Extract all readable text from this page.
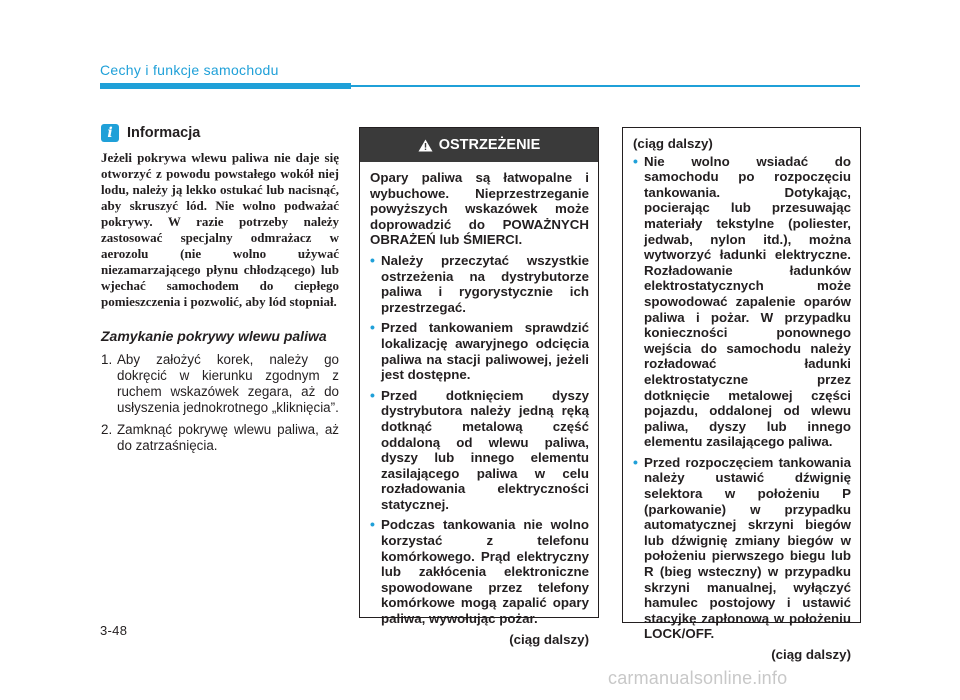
Cechy i funkcje samochodu
i Informacja

Jeżeli pokrywa wlewu paliwa nie daje się otworzyć z powodu powstałego wokół niej lodu, należy ją lekko ostukać lub nacisnąć, aby skruszyć lód. Nie wolno podważać pokrywy. W razie potrzeby należy zastosować specjalny odmrażacz w aerozolu (nie wolno używać niezamarzającego płynu chłodzącego) lub wjechać samochodem do ciepłego pomieszczenia i pozwolić, aby lód stopniał.

Zamykanie pokrywy wlewu paliwa
1. Aby założyć korek, należy go dokręcić w kierunku zgodnym z ruchem wskazówek zegara, aż do usłyszenia jednokrotnego „kliknięcia”.
2. Zamknąć pokrywę wlewu paliwa, aż do zatrzaśnięcia.
OSTRZEŻENIE

Opary paliwa są łatwopalne i wybuchowe. Nieprzestrzeganie powyższych wskazówek może doprowadzić do POWAŻNYCH OBRAŻEŃ lub ŚMIERCI.

• Należy przeczytać wszystkie ostrzeżenia na dystrybutorze paliwa i rygorystycznie ich przestrzegać.
• Przed tankowaniem sprawdzić lokalizację awaryjnego odcięcia paliwa na stacji paliwowej, jeżeli jest dostępne.
• Przed dotknięciem dyszy dystrybutora należy jedną ręką dotknąć metalową część oddaloną od wlewu paliwa, dyszy lub innego elementu zasilającego paliwa w celu rozładowania elektryczności statycznej.
• Podczas tankowania nie wolno korzystać z telefonu komórkowego. Prąd elektryczny lub zakłócenia elektroniczne spowodowane przez telefony komórkowe mogą zapalić opary paliwa, wywołując pożar.

(ciąg dalszy)

(ciąg dalszy)

• Nie wolno wsiadać do samochodu po rozpoczęciu tankowania. Dotykając, pocierając lub przesuwając materiały tekstylne (poliester, jedwab, nylon itd.), można wytworzyć ładunki elektryczne. Rozładowanie ładunków elektrostatycznych może spowodować zapalenie oparów paliwa i pożar. W przypadku konieczności ponownego wejścia do samochodu należy rozładować ładunki elektrostatyczne przez dotknięcie metalowej części pojazdu, oddalonej od wlewu paliwa, dyszy lub innego elementu zasilającego paliwa.
• Przed rozpoczęciem tankowania należy ustawić dźwignię selektora w położeniu P (parkowanie) w przypadku automatycznej skrzyni biegów lub dźwignię zmiany biegów w położeniu pierwszego biegu lub R (bieg wsteczny) w przypadku skrzyni manualnej, wyłączyć hamulec postojowy i ustawić stacyjkę zapłonową w położeniu LOCK/OFF.

(ciąg dalszy)

3-48
carmanualsonline.info
